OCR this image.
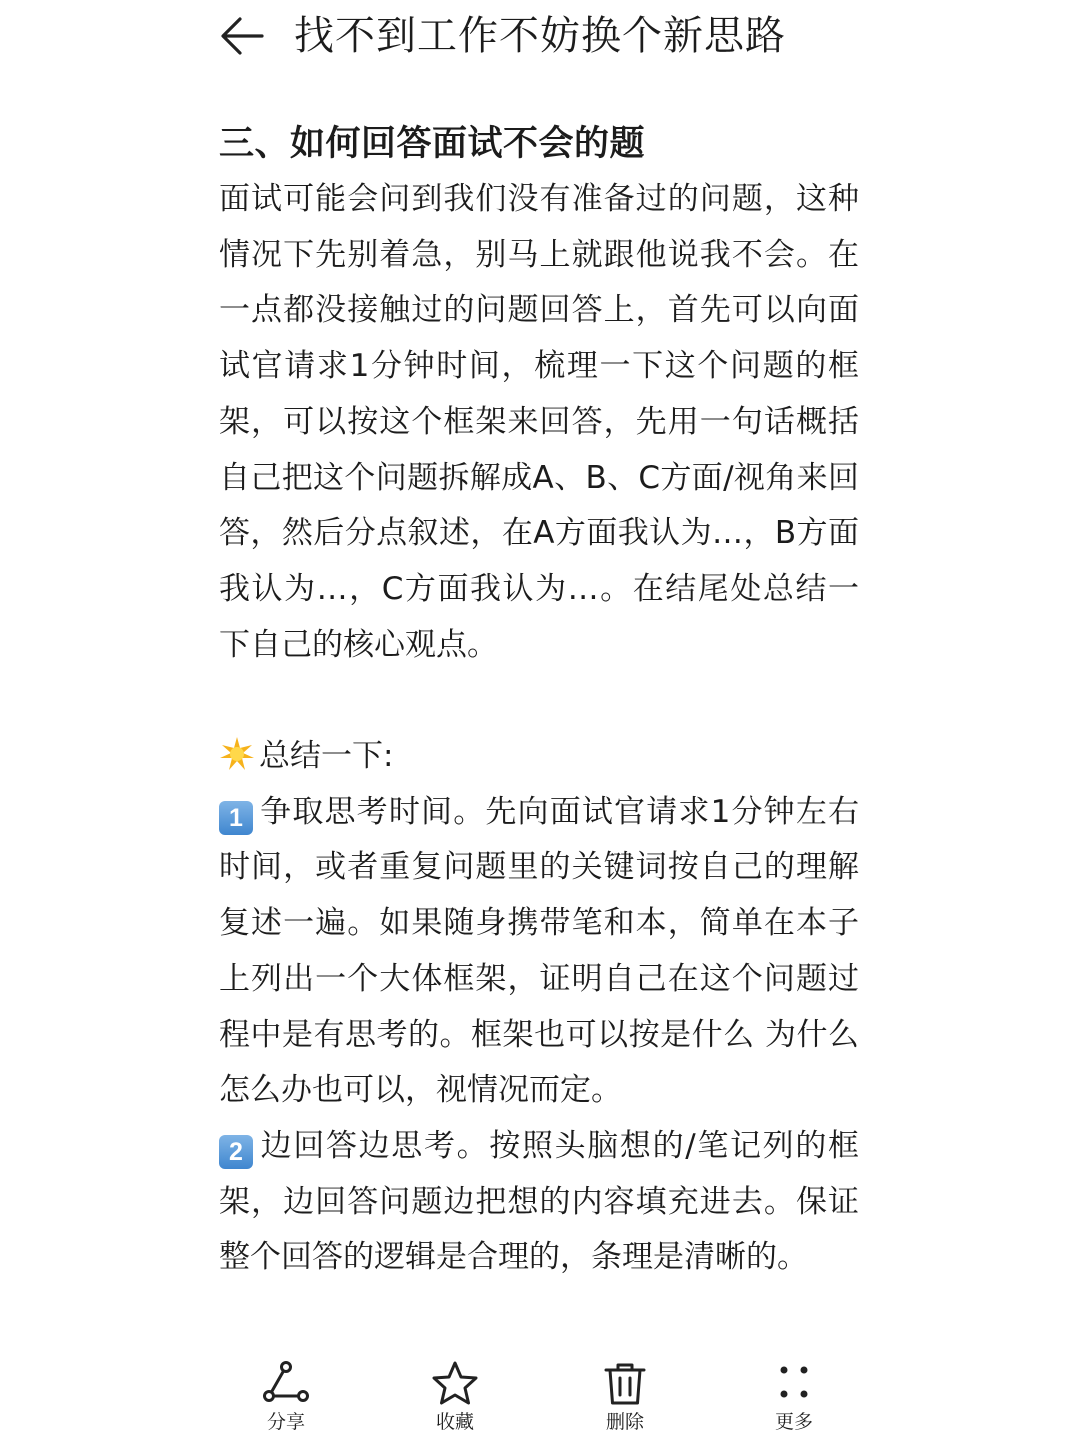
找不到工作不妨换个新思路
三、如何回答面试不会的题

面试可能会问到我们没有准备过的问题，这种情况下先别着急，别马上就跟他说我不会。在一点都没接触过的问题回答上，首先可以向面试官请求1分钟时间，梳理一下这个问题的框架，可以按这个框架来回答，先用一句话概括自己把这个问题拆解成A、B、C方面/视角来回答，然后分点叙述，在A方面我认为…，B方面我认为…，C方面我认为…。在结尾处总结一下自己的核心观点。

总结一下:

1 争取思考时间。先向面试官请求1分钟左右时间，或者重复问题里的关键词按自己的理解复述一遍。如果随身携带笔和本，简单在本子上列出一个大体框架，证明自己在这个问题过程中是有思考的。框架也可以按是什么 为什么 怎么办也可以，视情况而定。

2 边回答边思考。按照头脑想的/笔记列的框架，边回答问题边把想的内容填充进去。保证整个回答的逻辑是合理的，条理是清晰的。

分享	收藏	删除	更多
